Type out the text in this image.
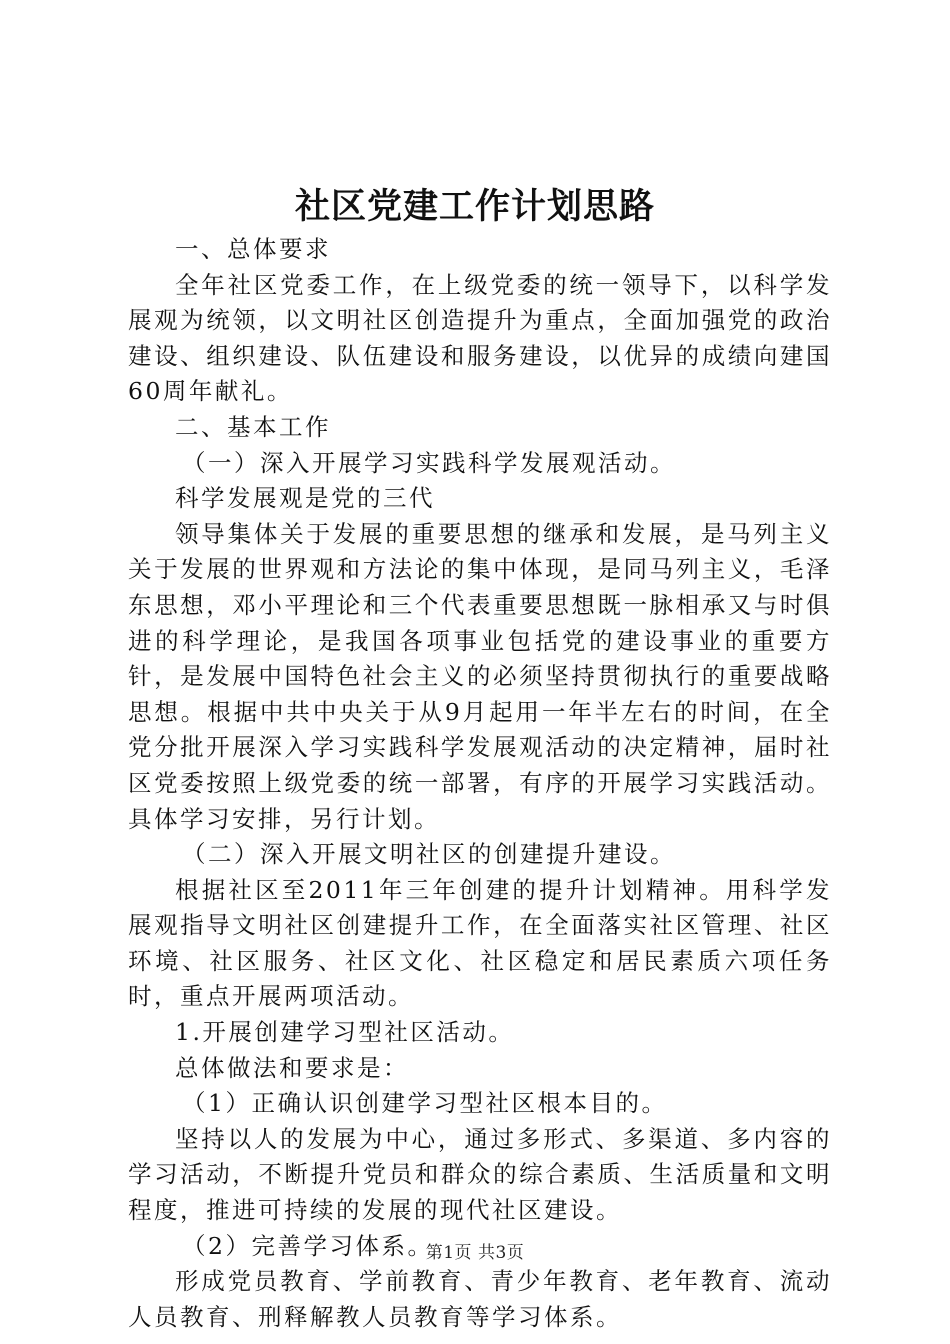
社区党建工作计划思路

一、总体要求

全年社区党委工作，在上级党委的统一领导下，以科学发展观为统领，以文明社区创造提升为重点，全面加强党的政治建设、组织建设、队伍建设和服务建设，以优异的成绩向建国60周年献礼。

二、基本工作

（一）深入开展学习实践科学发展观活动。

科学发展观是党的三代

领导集体关于发展的重要思想的继承和发展，是马列主义关于发展的世界观和方法论的集中体现，是同马列主义，毛泽东思想，邓小平理论和三个代表重要思想既一脉相承又与时俱进的科学理论，是我国各项事业包括党的建设事业的重要方针，是发展中国特色社会主义的必须坚持贯彻执行的重要战略思想。根据中共中央关于从9月起用一年半左右的时间，在全党分批开展深入学习实践科学发展观活动的决定精神，届时社区党委按照上级党委的统一部署，有序的开展学习实践活动。具体学习安排，另行计划。

（二）深入开展文明社区的创建提升建设。

根据社区至2011年三年创建的提升计划精神。用科学发展观指导文明社区创建提升工作，在全面落实社区管理、社区环境、社区服务、社区文化、社区稳定和居民素质六项任务时，重点开展两项活动。

1.开展创建学习型社区活动。

总体做法和要求是：

（1）正确认识创建学习型社区根本目的。

坚持以人的发展为中心，通过多形式、多渠道、多内容的学习活动，不断提升党员和群众的综合素质、生活质量和文明程度，推进可持续的发展的现代社区建设。

（2）完善学习体系。

形成党员教育、学前教育、青少年教育、老年教育、流动人员教育、刑释解教人员教育等学习体系。

第1页 共3页
